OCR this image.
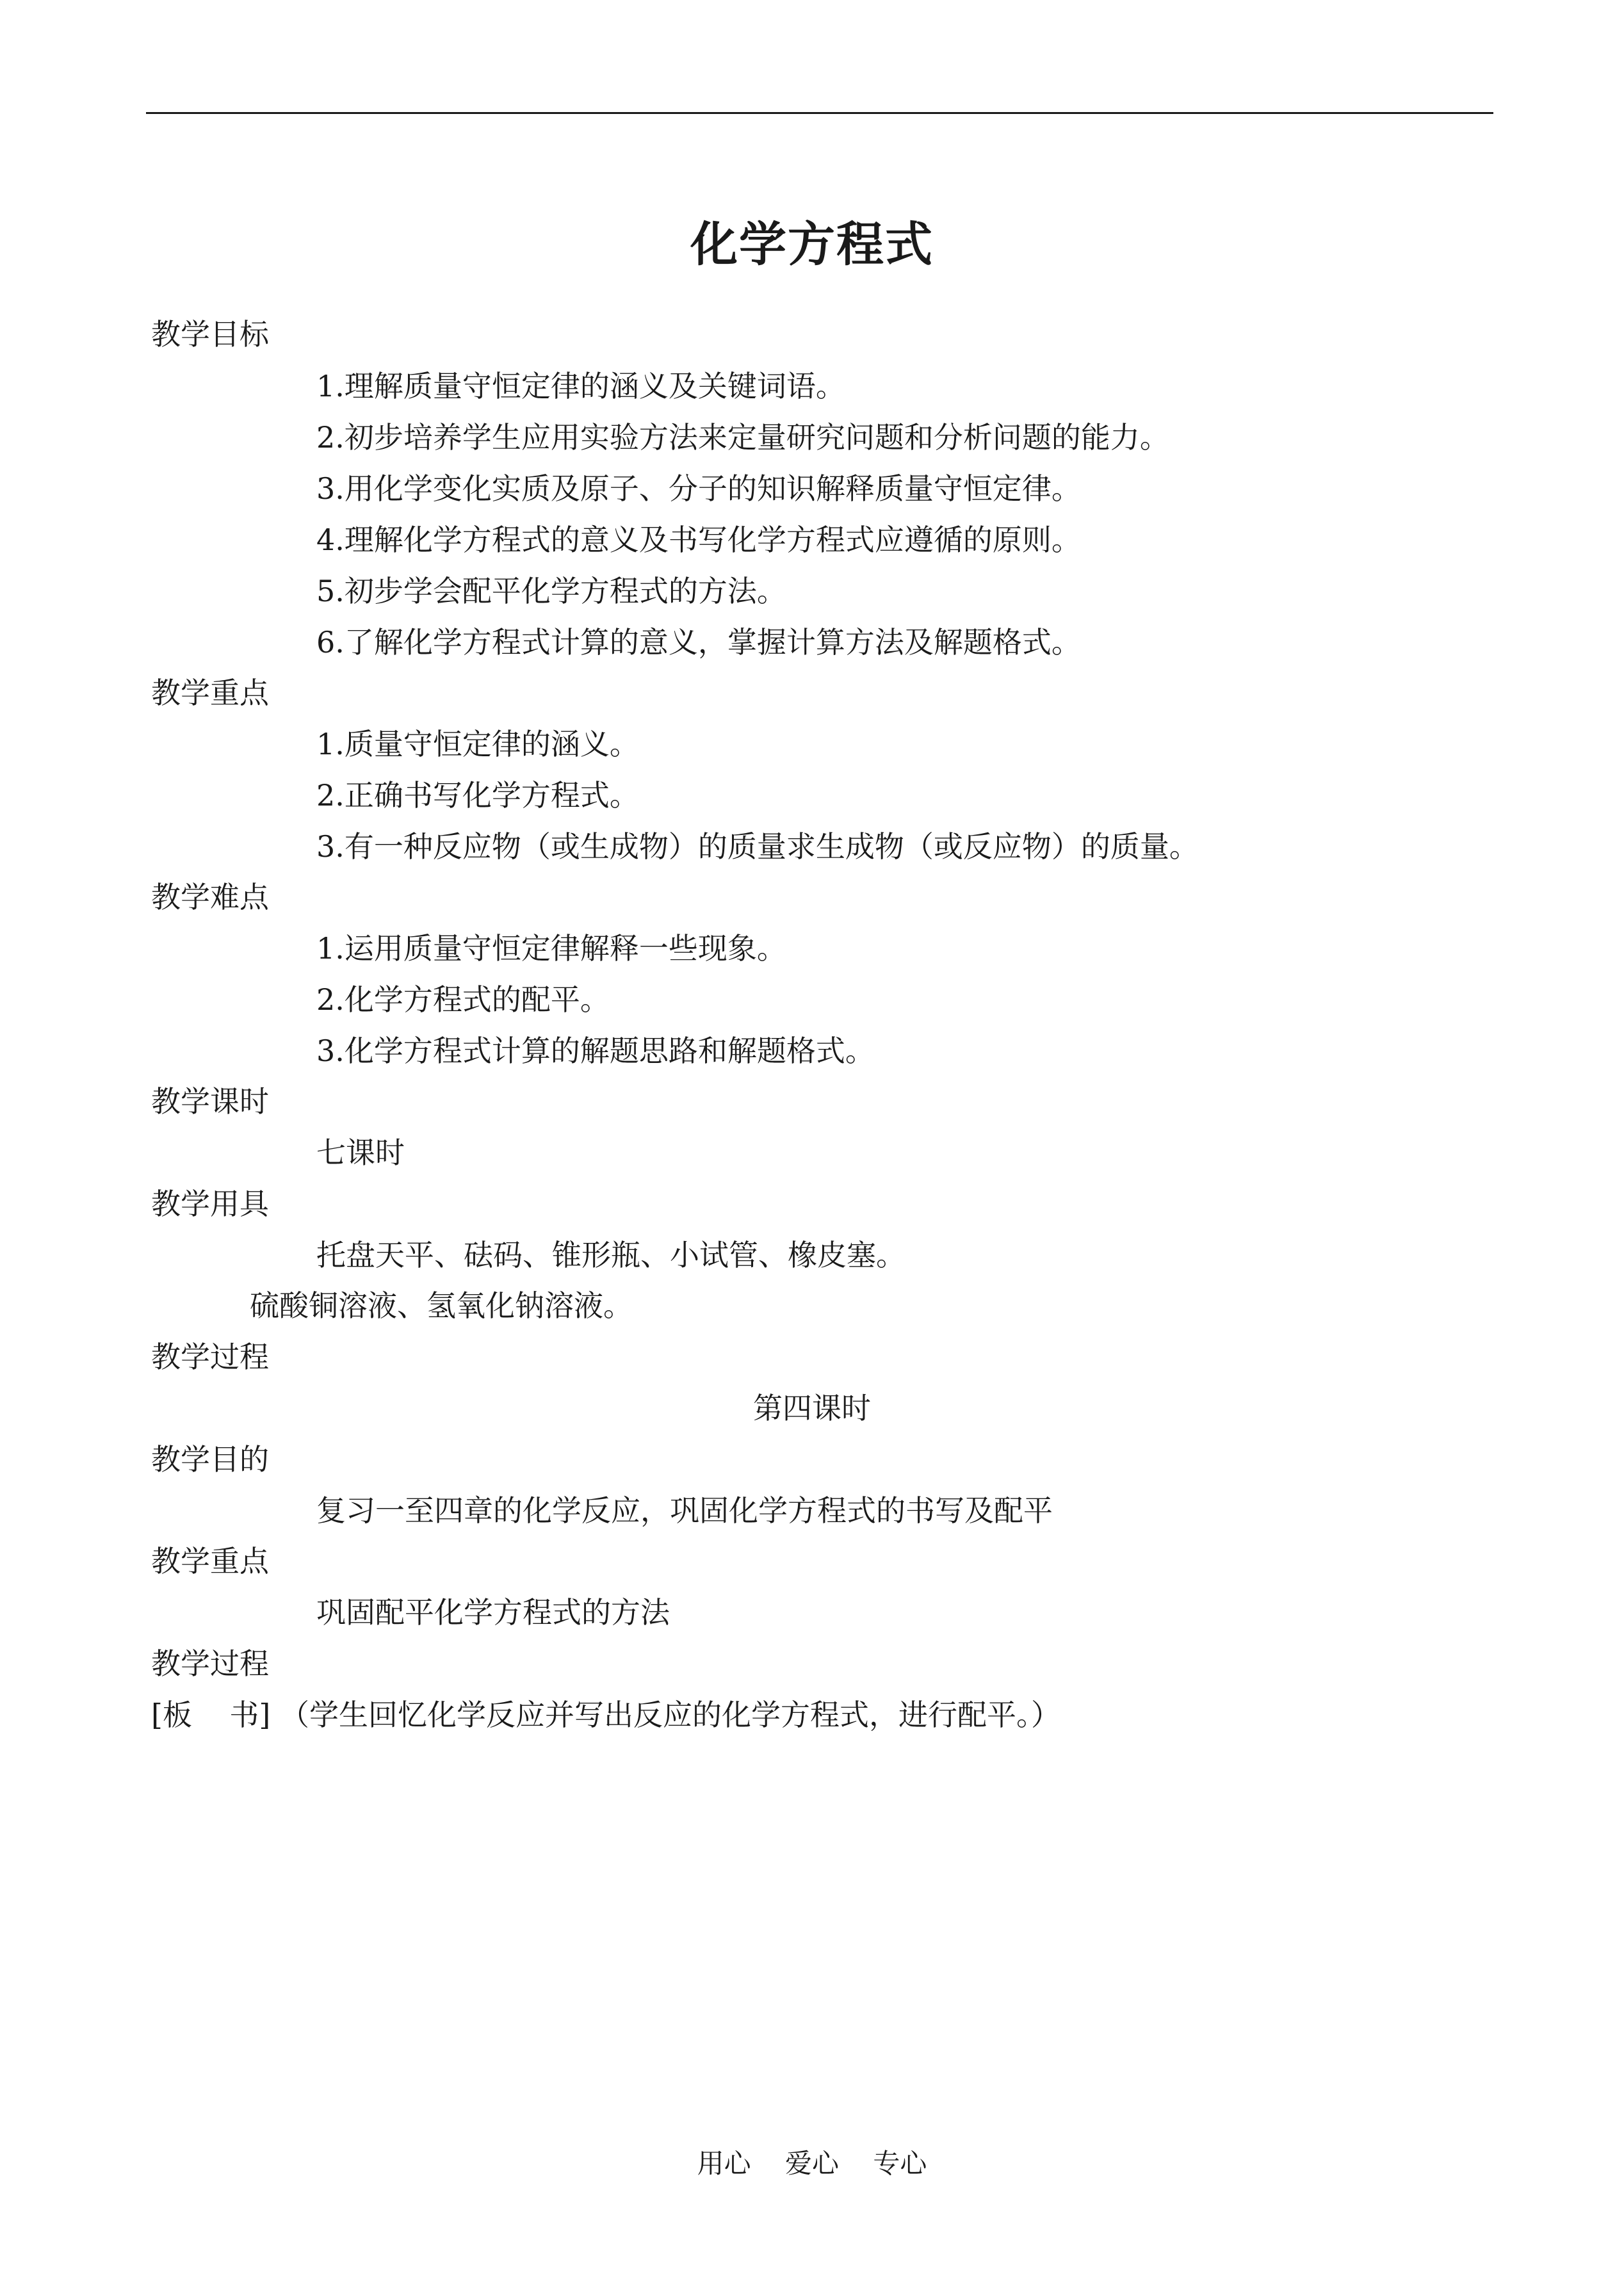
化学方程式
教学目标
1.理解质量守恒定律的涵义及关键词语。
2.初步培养学生应用实验方法来定量研究问题和分析问题的能力。
3.用化学变化实质及原子、分子的知识解释质量守恒定律。
4.理解化学方程式的意义及书写化学方程式应遵循的原则。
5.初步学会配平化学方程式的方法。
6.了解化学方程式计算的意义，掌握计算方法及解题格式。
教学重点
1.质量守恒定律的涵义。
2.正确书写化学方程式。
3.有一种反应物（或生成物）的质量求生成物（或反应物）的质量。
教学难点
1.运用质量守恒定律解释一些现象。
2.化学方程式的配平。
3.化学方程式计算的解题思路和解题格式。
教学课时
七课时
教学用具
托盘天平、砝码、锥形瓶、小试管、橡皮塞。
硫酸铜溶液、氢氧化钠溶液。
教学过程
第四课时
教学目的
复习一至四章的化学反应，巩固化学方程式的书写及配平
教学重点
巩固配平化学方程式的方法
教学过程
[板    书] （学生回忆化学反应并写出反应的化学方程式，进行配平。）
用心    爱心    专心
